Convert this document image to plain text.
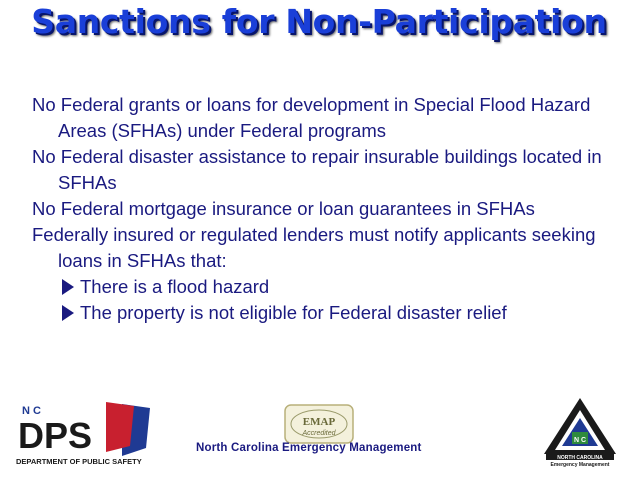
Sanctions for Non-Participation

No Federal grants or loans for development in Special Flood Hazard Areas (SFHAs) under Federal programs

No Federal disaster assistance to repair insurable buildings located in SFHAs

No Federal mortgage insurance or loan guarantees in SFHAs

Federally insured or regulated lenders must notify applicants seeking loans in SFHAs that:

There is a flood hazard

The property is not eligible for Federal disaster relief

N C
DPS
DEPARTMENT OF PUBLIC SAFETY
EMAP
Accredited
North Carolina Emergency Management
N C
NORTH CAROLINA
Emergency Management
